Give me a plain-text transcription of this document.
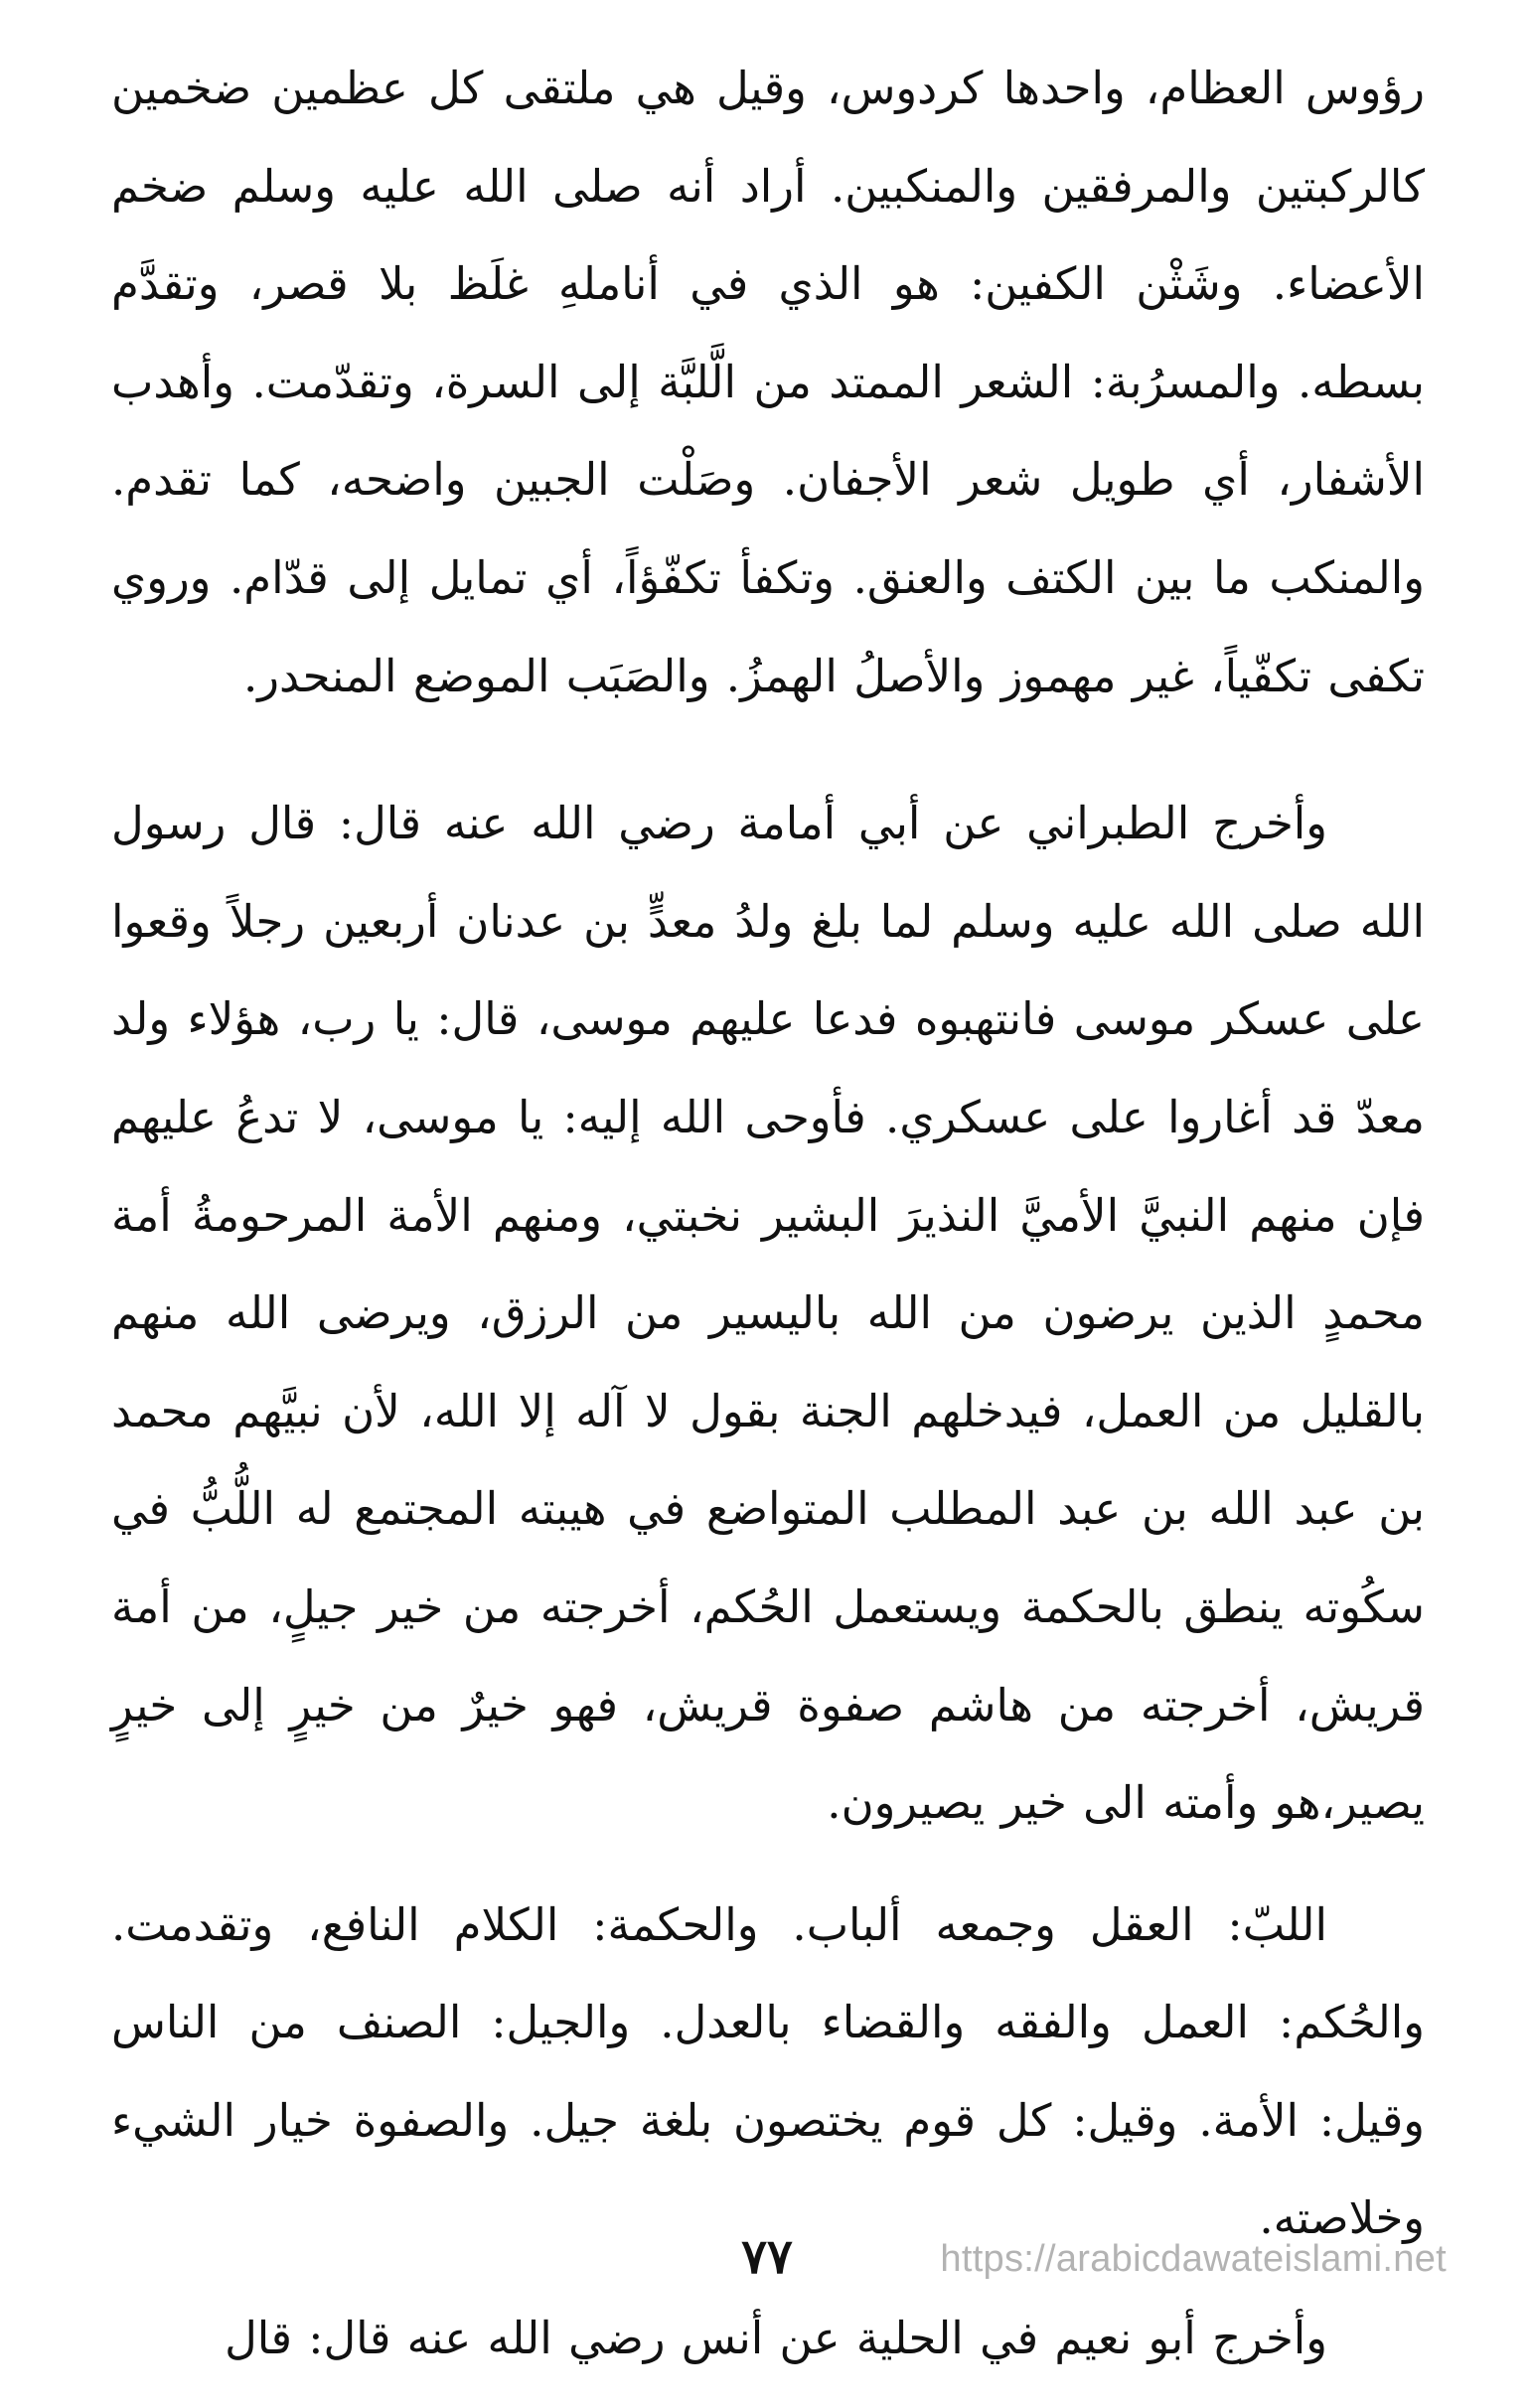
رؤوس العظام، واحدها كردوس، وقيل هي ملتقى كل عظمين ضخمين كالركبتين والمرفقين والمنكبين. أراد أنه صلى الله عليه وسلم ضخم الأعضاء. وشَثْن الكفين: هو الذي في أناملهِ غلَظ بلا قصر، وتقدَّم بسطه. والمسرُبة: الشعر الممتد من الَّلبَّة إلى السرة، وتقدّمت. وأهدب الأشفار، أي طويل شعر الأجفان. وصَلْت الجبين واضحه، كما تقدم. والمنكب ما بين الكتف والعنق. وتكفأ تكفّؤاً، أي تمايل إلى قدّام. وروي تكفى تكفّياً، غير مهموز والأصلُ الهمزُ. والصَبَب الموضع المنحدر.

وأخرج الطبراني عن أبي أمامة رضي الله عنه قال: قال رسول الله صلى الله عليه وسلم لما بلغ ولدُ معدٍّ بن عدنان أربعين رجلاً وقعوا على عسكر موسى فانتهبوه فدعا عليهم موسى، قال: يا رب، هؤلاء ولد معدّ قد أغاروا على عسكري. فأوحى الله إليه: يا موسى، لا تدعُ عليهم فإن منهم النبيَّ الأميَّ النذيرَ البشير نخبتي، ومنهم الأمة المرحومةُ أمة محمدٍ الذين يرضون من الله باليسير من الرزق، ويرضى الله منهم بالقليل من العمل، فيدخلهم الجنة بقول لا آله إلا الله، لأن نبيَّهم محمد بن عبد الله بن عبد المطلب المتواضع في هيبته المجتمع له اللُّبُّ في سكُوته ينطق بالحكمة ويستعمل الحُكم، أخرجته من خير جيلٍ، من أمة قريش، أخرجته من هاشم صفوة قريش، فهو خيرٌ من خيرٍ إلى خيرٍ يصير،هو وأمته الى خير يصيرون.

اللبّ: العقل وجمعه ألباب. والحكمة: الكلام النافع، وتقدمت. والحُكم: العمل والفقه والقضاء بالعدل. والجيل: الصنف من الناس وقيل: الأمة. وقيل: كل قوم يختصون بلغة جيل. والصفوة خيار الشيء وخلاصته.

وأخرج أبو نعيم في الحلية عن أنس رضي الله عنه قال: قال

٧٧	https://arabicdawateislami.net
